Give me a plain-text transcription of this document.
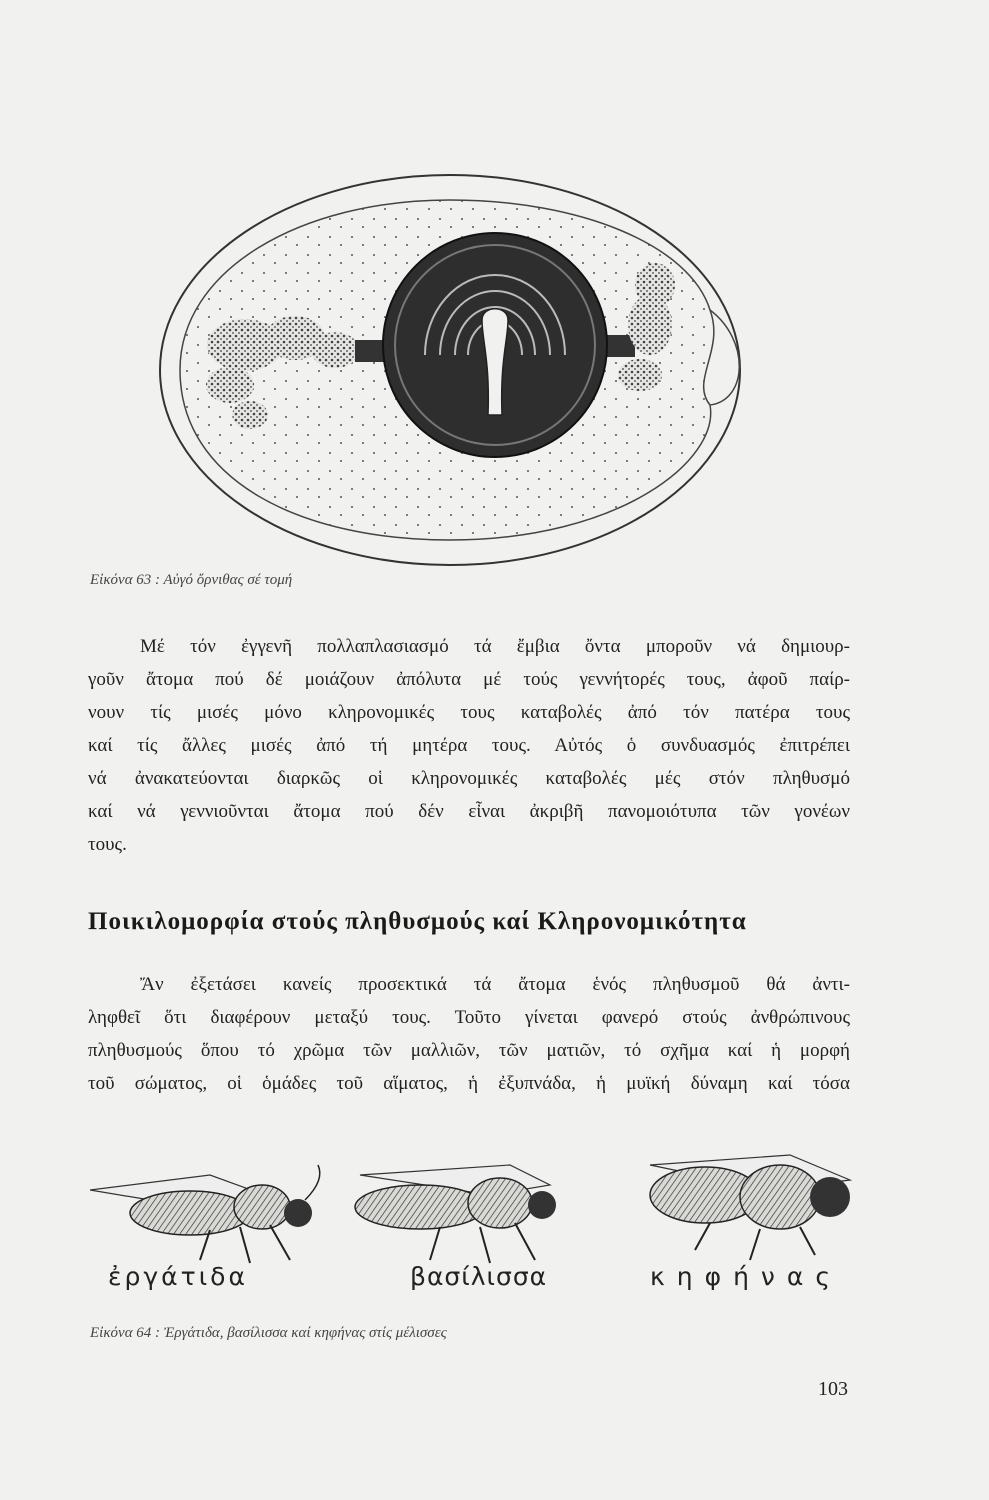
Εἰκόνα 63 : Αὐγό ὄρνιθας σέ τομή
Μέ τόν ἐγγενῆ πολλαπλασιασμό τά ἔμβια ὄντα μποροῦν νά δημιουρ-
γοῦν ἄτομα πού δέ μοιάζουν ἀπόλυτα μέ τούς γεννήτορές τους, ἀφοῦ παίρ-
νουν τίς μισές μόνο κληρονομικές τους καταβολές ἀπό τόν πατέρα τους
καί τίς ἄλλες μισές ἀπό τή μητέρα τους. Αὐτός ὁ συνδυασμός ἐπιτρέπει
νά ἀνακατεύονται διαρκῶς οἱ κληρονομικές καταβολές μές στόν πληθυσμό
καί νά γεννιοῦνται ἄτομα πού δέν εἶναι ἀκριβῆ πανομοιότυπα τῶν γονέων
τους.
Ποικιλομορφία στούς πληθυσμούς καί Κληρονομικότητα
Ἄν ἐξετάσει κανείς προσεκτικά τά ἄτομα ἑνός πληθυσμοῦ θά ἀντι-
ληφθεῖ ὅτι διαφέρουν μεταξύ τους. Τοῦτο γίνεται φανερό στούς ἀνθρώπινους
πληθυσμούς ὅπου τό χρῶμα τῶν μαλλιῶν, τῶν ματιῶν, τό σχῆμα καί ἡ μορφή
τοῦ σώματος, οἱ ὁμάδες τοῦ αἵματος, ἡ ἐξυπνάδα, ἡ μυϊκή δύναμη καί τόσα
ἐργάτιδα	βασίλισσα	κηφήνας
Εἰκόνα 64 : Ἐργάτιδα, βασίλισσα καί κηφήνας στίς μέλισσες
103
